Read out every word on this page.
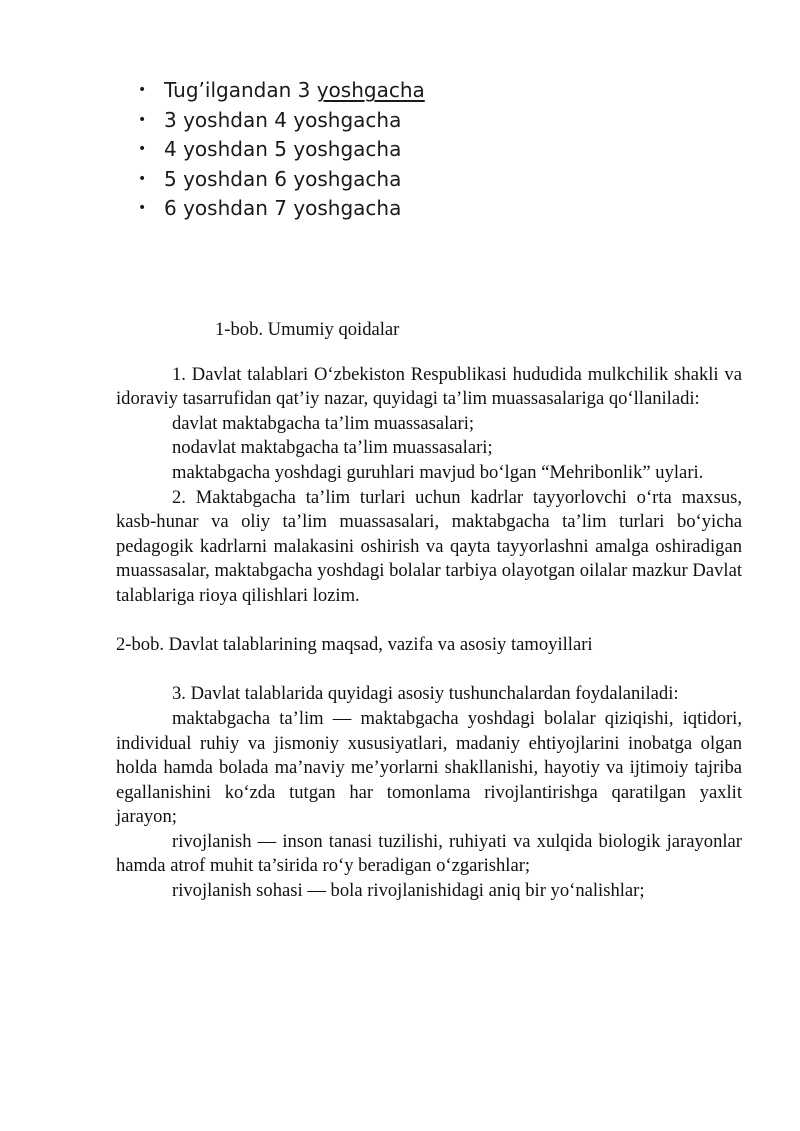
• Tug’ilgandan 3 yoshgacha
• 3 yoshdan 4 yoshgacha
• 4 yoshdan 5 yoshgacha
• 5 yoshdan 6 yoshgacha
• 6 yoshdan 7 yoshgacha

1-bob. Umumiy qoidalar

1. Davlat talablari O‘zbekiston Respublikasi hududida mulkchilik shakli va idoraviy tasarrufidan qat’iy nazar, quyidagi ta’lim muassasalariga qo‘llaniladi:

davlat maktabgacha ta’lim muassasalari;

nodavlat maktabgacha ta’lim muassasalari;

maktabgacha yoshdagi guruhlari mavjud bo‘lgan “Mehribonlik” uylari.

2. Maktabgacha ta’lim turlari uchun kadrlar tayyorlovchi o‘rta maxsus, kasb-hunar va oliy ta’lim muassasalari, maktabgacha ta’lim turlari bo‘yicha pedagogik kadrlarni malakasini oshirish va qayta tayyorlashni amalga oshiradigan muassasalar, maktabgacha yoshdagi bolalar tarbiya olayotgan oilalar mazkur Davlat talablariga rioya qilishlari lozim.

2-bob. Davlat talablarining maqsad, vazifa va asosiy tamoyillari

3. Davlat talablarida quyidagi asosiy tushunchalardan foydalaniladi:

maktabgacha ta’lim — maktabgacha yoshdagi bolalar qiziqishi, iqtidori, individual ruhiy va jismoniy xususiyatlari, madaniy ehtiyojlarini inobatga olgan holda hamda bolada ma’naviy me’yorlarni shakllanishi, hayotiy va ijtimoiy tajriba egallanishini ko‘zda tutgan har tomonlama rivojlantirishga qaratilgan yaxlit jarayon;

rivojlanish — inson tanasi tuzilishi, ruhiyati va xulqida biologik jarayonlar hamda atrof muhit ta’sirida ro‘y beradigan o‘zgarishlar;

rivojlanish sohasi — bola rivojlanishidagi aniq bir yo‘nalishlar;
